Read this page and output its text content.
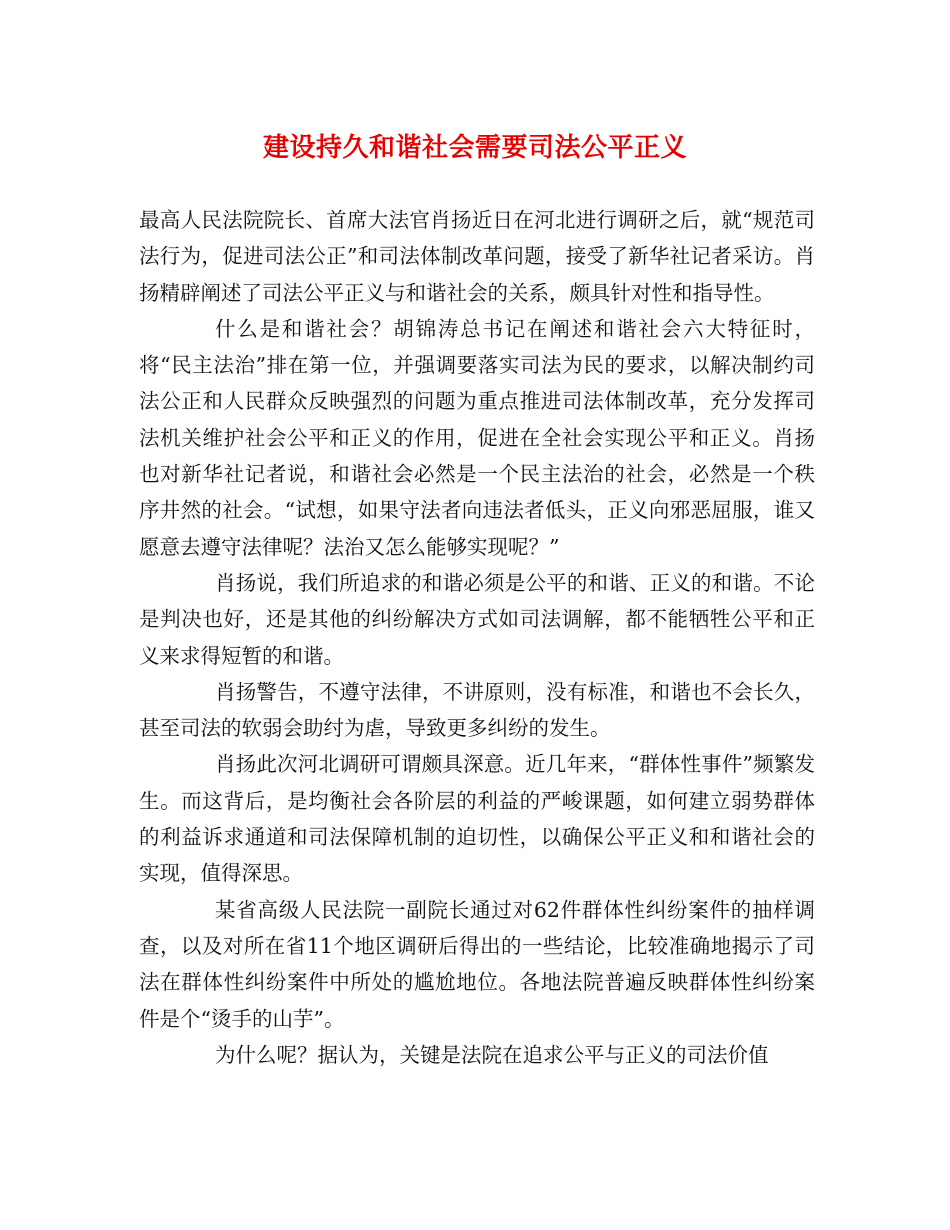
建设持久和谐社会需要司法公平正义

最高人民法院院长、首席大法官肖扬近日在河北进行调研之后，就“规范司法行为，促进司法公正”和司法体制改革问题，接受了新华社记者采访。肖扬精辟阐述了司法公平正义与和谐社会的关系，颇具针对性和指导性。

什么是和谐社会？胡锦涛总书记在阐述和谐社会六大特征时，将“民主法治”排在第一位，并强调要落实司法为民的要求，以解决制约司法公正和人民群众反映强烈的问题为重点推进司法体制改革，充分发挥司法机关维护社会公平和正义的作用，促进在全社会实现公平和正义。肖扬也对新华社记者说，和谐社会必然是一个民主法治的社会，必然是一个秩序井然的社会。“试想，如果守法者向违法者低头，正义向邪恶屈服，谁又愿意去遵守法律呢？法治又怎么能够实现呢？”

肖扬说，我们所追求的和谐必须是公平的和谐、正义的和谐。不论是判决也好，还是其他的纠纷解决方式如司法调解，都不能牺牲公平和正义来求得短暂的和谐。

肖扬警告，不遵守法律，不讲原则，没有标准，和谐也不会长久，甚至司法的软弱会助纣为虐，导致更多纠纷的发生。

肖扬此次河北调研可谓颇具深意。近几年来，“群体性事件”频繁发生。而这背后，是均衡社会各阶层的利益的严峻课题，如何建立弱势群体的利益诉求通道和司法保障机制的迫切性，以确保公平正义和和谐社会的实现，值得深思。

某省高级人民法院一副院长通过对62件群体性纠纷案件的抽样调查，以及对所在省11个地区调研后得出的一些结论，比较准确地揭示了司法在群体性纠纷案件中所处的尴尬地位。各地法院普遍反映群体性纠纷案件是个“烫手的山芋”。

为什么呢？据认为，关键是法院在追求公平与正义的司法价值
